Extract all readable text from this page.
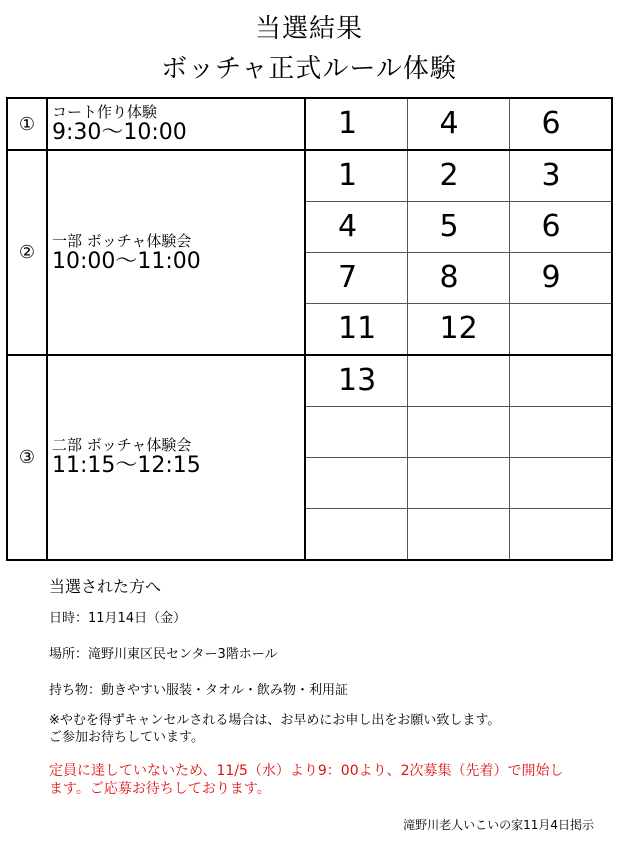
当選結果
ボッチャ正式ルール体験
①	コート作り体験
9:30～10:00	1	4	6

②	一部 ボッチャ体験会
10:00～11:00	1	2	3

		4	5	6

		7	8	9

		11	12	

③	二部 ボッチャ体験会
11:15～12:15	13		

当選された方へ
日時：11月14日（金）
場所：滝野川東区民センター3階ホール
持ち物：動きやすい服装・タオル・飲み物・利用証
※やむを得ずキャンセルされる場合は、お早めにお申し出をお願い致します。
ご参加お待ちしています。
定員に達していないため、11/5（水）より9：00より、2次募集（先着）で開始し
ます。ご応募お待ちしております。
滝野川老人いこいの家11月4日掲示
